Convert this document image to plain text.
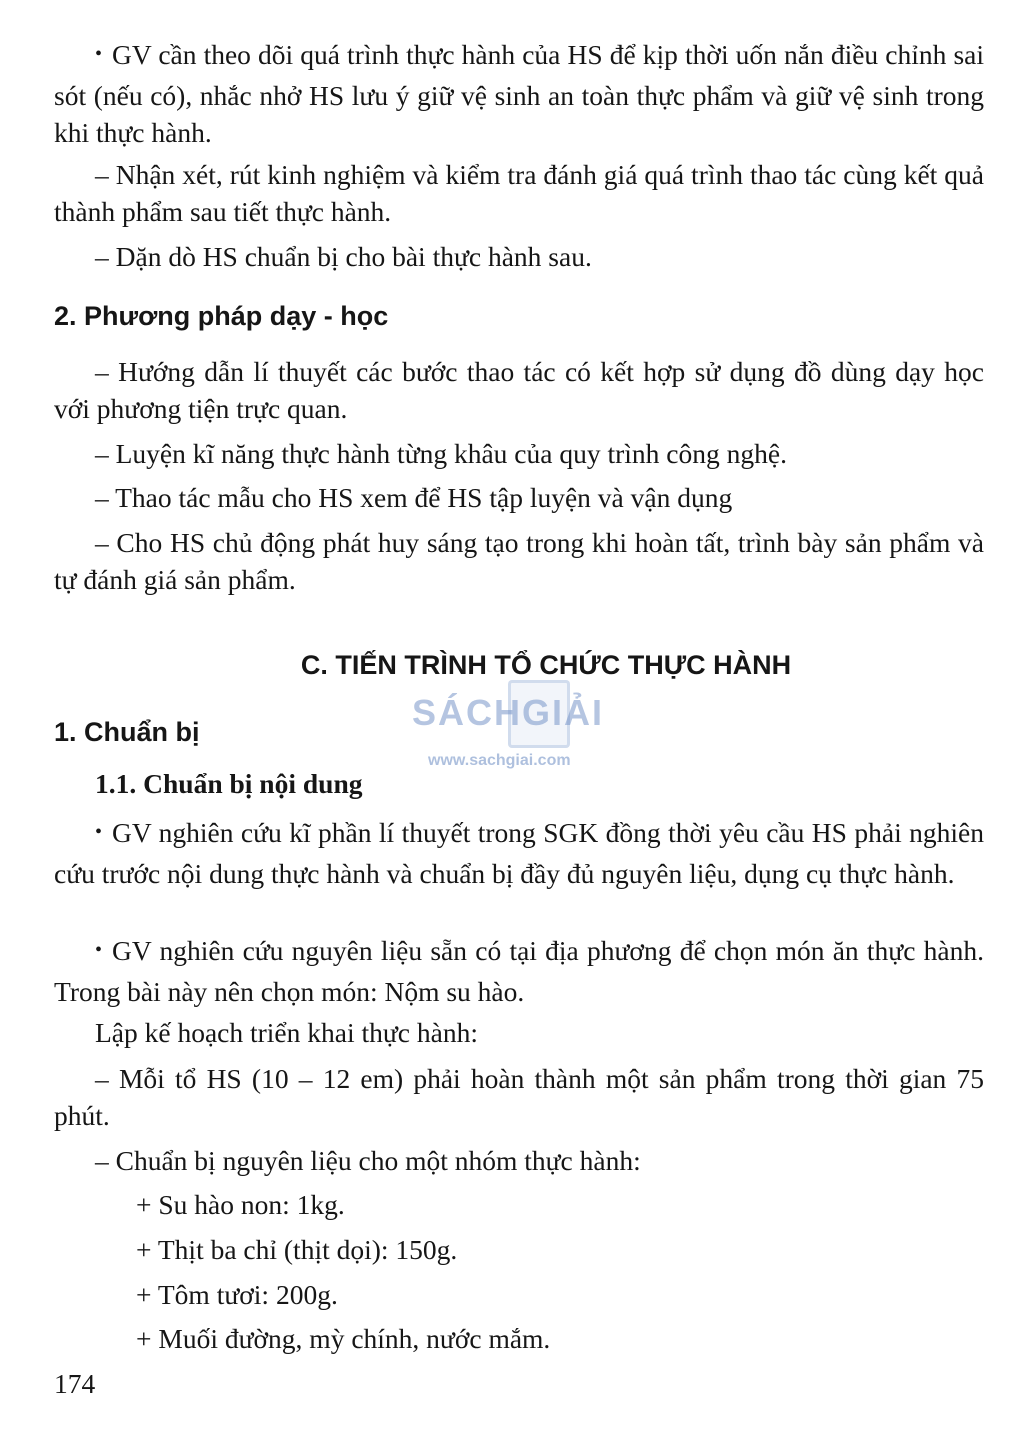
• GV cần theo dõi quá trình thực hành của HS để kịp thời uốn nắn điều chỉnh sai sót (nếu có), nhắc nhở HS lưu ý giữ vệ sinh an toàn thực phẩm và giữ vệ sinh trong khi thực hành.

– Nhận xét, rút kinh nghiệm và kiểm tra đánh giá quá trình thao tác cùng kết quả thành phẩm sau tiết thực hành.

– Dặn dò HS chuẩn bị cho bài thực hành sau.

2. Phương pháp dạy - học

– Hướng dẫn lí thuyết các bước thao tác có kết hợp sử dụng đồ dùng dạy học với phương tiện trực quan.

– Luyện kĩ năng thực hành từng khâu của quy trình công nghệ.

– Thao tác mẫu cho HS xem để HS tập luyện và vận dụng

– Cho HS chủ động phát huy sáng tạo trong khi hoàn tất, trình bày sản phẩm và tự đánh giá sản phẩm.

C. TIẾN TRÌNH TỔ CHỨC THỰC HÀNH
SÁCHGIẢI
www.sachgiai.com
1. Chuẩn bị
1.1. Chuẩn bị nội dung

• GV nghiên cứu kĩ phần lí thuyết trong SGK đồng thời yêu cầu HS phải nghiên cứu trước nội dung thực hành và chuẩn bị đầy đủ nguyên liệu, dụng cụ thực hành.

• GV nghiên cứu nguyên liệu sẵn có tại địa phương để chọn món ăn thực hành. Trong bài này nên chọn món: Nộm su hào.

Lập kế hoạch triển khai thực hành:

– Mỗi tổ HS (10 – 12 em) phải hoàn thành một sản phẩm trong thời gian 75 phút.

– Chuẩn bị nguyên liệu cho một nhóm thực hành:

+ Su hào non: 1kg.

+ Thịt ba chỉ (thịt dọi): 150g.

+ Tôm tươi: 200g.

+ Muối đường, mỳ chính, nước mắm.

174
